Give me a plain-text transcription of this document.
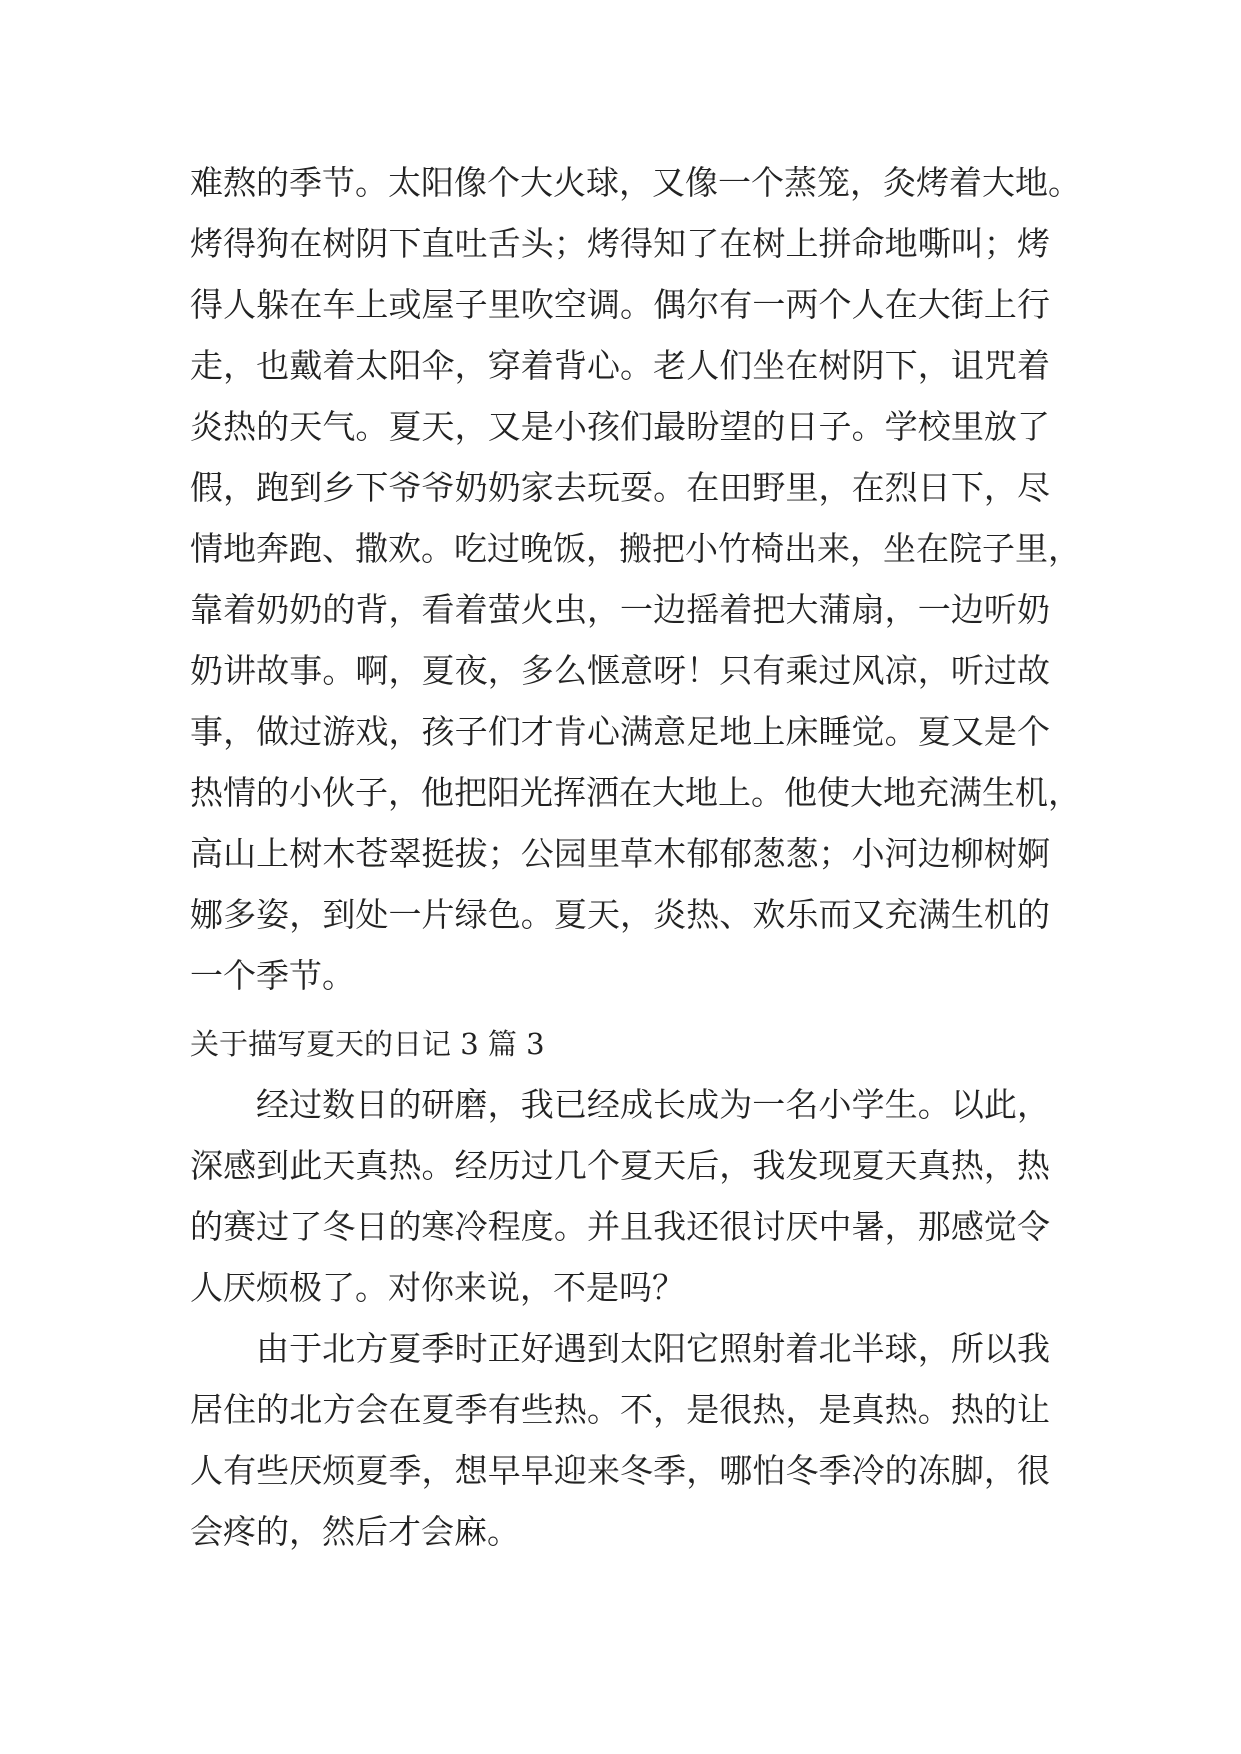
难熬的季节。太阳像个大火球，又像一个蒸笼，灸烤着大地。
烤得狗在树阴下直吐舌头；烤得知了在树上拼命地嘶叫；烤
得人躲在车上或屋子里吹空调。偶尔有一两个人在大街上行
走，也戴着太阳伞，穿着背心。老人们坐在树阴下，诅咒着
炎热的天气。夏天，又是小孩们最盼望的日子。学校里放了
假，跑到乡下爷爷奶奶家去玩耍。在田野里，在烈日下，尽
情地奔跑、撒欢。吃过晚饭，搬把小竹椅出来，坐在院子里，
靠着奶奶的背，看着萤火虫，一边摇着把大蒲扇，一边听奶
奶讲故事。啊，夏夜，多么惬意呀！只有乘过风凉，听过故
事，做过游戏，孩子们才肯心满意足地上床睡觉。夏又是个
热情的小伙子，他把阳光挥洒在大地上。他使大地充满生机，
高山上树木苍翠挺拔；公园里草木郁郁葱葱；小河边柳树婀
娜多姿，到处一片绿色。夏天，炎热、欢乐而又充满生机的
一个季节。
关于描写夏天的日记 3 篇 3
经过数日的研磨，我已经成长成为一名小学生。以此，
深感到此天真热。经历过几个夏天后，我发现夏天真热，热
的赛过了冬日的寒冷程度。并且我还很讨厌中暑，那感觉令
人厌烦极了。对你来说，不是吗？
由于北方夏季时正好遇到太阳它照射着北半球，所以我
居住的北方会在夏季有些热。不，是很热，是真热。热的让
人有些厌烦夏季，想早早迎来冬季，哪怕冬季冷的冻脚，很
会疼的，然后才会麻。
